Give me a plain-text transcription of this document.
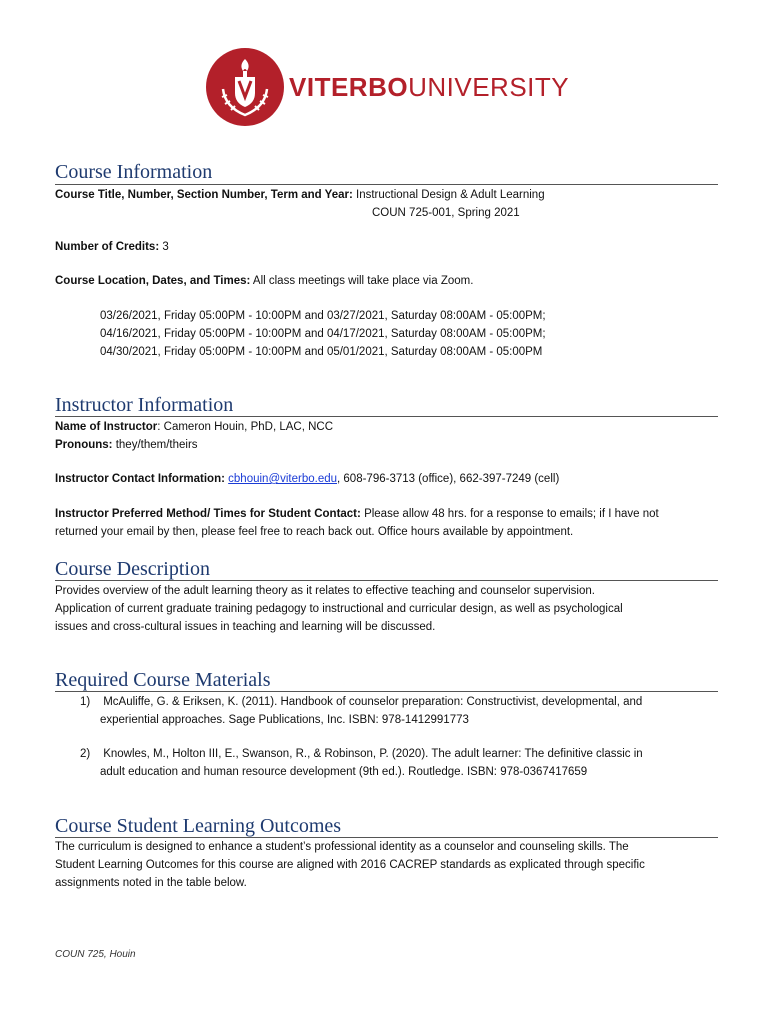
VITERBOUNIVERSITY
Course Information
Course Title, Number, Section Number, Term and Year: Instructional Design & Adult Learning
COUN 725-001, Spring 2021
Number of Credits: 3
Course Location, Dates, and Times: All class meetings will take place via Zoom.
03/26/2021, Friday 05:00PM - 10:00PM and 03/27/2021, Saturday 08:00AM - 05:00PM;
04/16/2021, Friday 05:00PM - 10:00PM and 04/17/2021, Saturday 08:00AM - 05:00PM;
04/30/2021, Friday 05:00PM - 10:00PM and 05/01/2021, Saturday 08:00AM - 05:00PM
Instructor Information
Name of Instructor: Cameron Houin, PhD, LAC, NCC
Pronouns: they/them/theirs
Instructor Contact Information: cbhouin@viterbo.edu, 608-796-3713 (office), 662-397-7249 (cell)
Instructor Preferred Method/ Times for Student Contact: Please allow 48 hrs. for a response to emails; if I have not
returned your email by then, please feel free to reach back out. Office hours available by appointment.
Course Description
Provides overview of the adult learning theory as it relates to effective teaching and counselor supervision.
Application of current graduate training pedagogy to instructional and curricular design, as well as psychological
issues and cross-cultural issues in teaching and learning will be discussed.
Required Course Materials
1) McAuliffe, G. & Eriksen, K. (2011). Handbook of counselor preparation: Constructivist, developmental, and
experiential approaches. Sage Publications, Inc. ISBN: 978-1412991773
2) Knowles, M., Holton III, E., Swanson, R., & Robinson, P. (2020). The adult learner: The definitive classic in
adult education and human resource development (9th ed.). Routledge. ISBN: 978-0367417659
Course Student Learning Outcomes
The curriculum is designed to enhance a student’s professional identity as a counselor and counseling skills. The
Student Learning Outcomes for this course are aligned with 2016 CACREP standards as explicated through specific
assignments noted in the table below.
COUN 725, Houin
